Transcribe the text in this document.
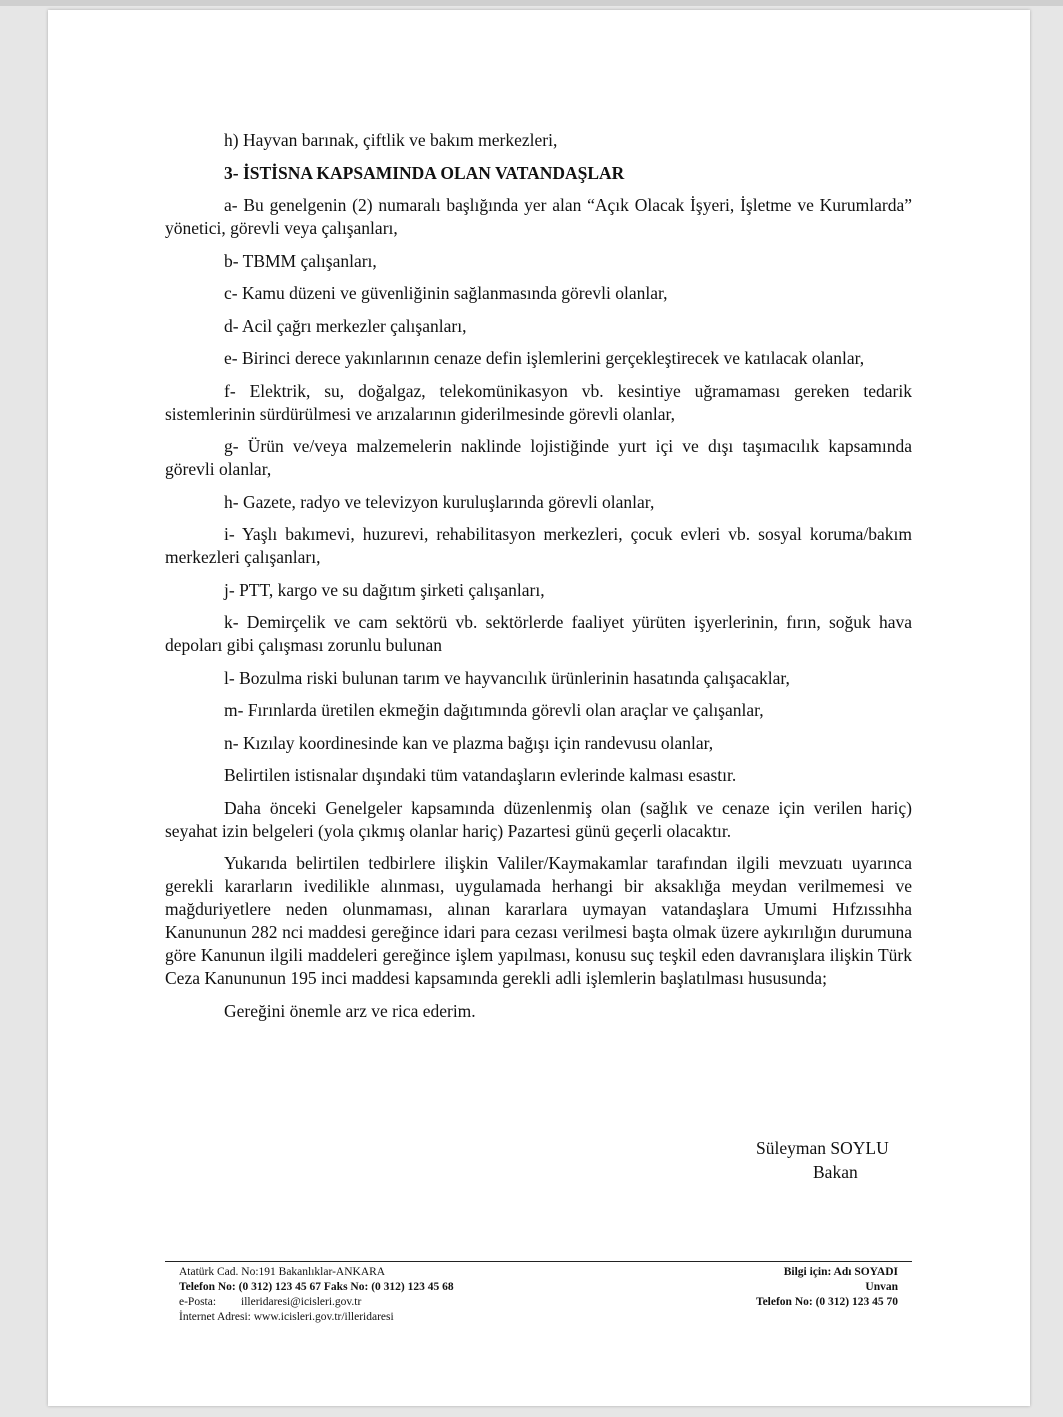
h) Hayvan barınak, çiftlik ve bakım merkezleri,

3- İSTİSNA KAPSAMINDA OLAN VATANDAŞLAR

a- Bu genelgenin (2) numaralı başlığında yer alan “Açık Olacak İşyeri, İşletme ve Kurumlarda” yönetici, görevli veya çalışanları,

b- TBMM çalışanları,

c- Kamu düzeni ve güvenliğinin sağlanmasında görevli olanlar,

d- Acil çağrı merkezler çalışanları,

e- Birinci derece yakınlarının cenaze defin işlemlerini gerçekleştirecek ve katılacak olanlar,

f- Elektrik, su, doğalgaz, telekomünikasyon vb. kesintiye uğramaması gereken tedarik sistemlerinin sürdürülmesi ve arızalarının giderilmesinde görevli olanlar,

g- Ürün ve/veya malzemelerin naklinde lojistiğinde yurt içi ve dışı taşımacılık kapsamında görevli olanlar,

h- Gazete, radyo ve televizyon kuruluşlarında görevli olanlar,

i- Yaşlı bakımevi, huzurevi, rehabilitasyon merkezleri, çocuk evleri vb. sosyal koruma/bakım merkezleri çalışanları,

j- PTT, kargo ve su dağıtım şirketi çalışanları,

k- Demirçelik ve cam sektörü vb. sektörlerde faaliyet yürüten işyerlerinin, fırın, soğuk hava depoları gibi çalışması zorunlu bulunan

l- Bozulma riski bulunan tarım ve hayvancılık ürünlerinin hasatında çalışacaklar,

m- Fırınlarda üretilen ekmeğin dağıtımında görevli olan araçlar ve çalışanlar,

n- Kızılay koordinesinde kan ve plazma bağışı için randevusu olanlar,

Belirtilen istisnalar dışındaki tüm vatandaşların evlerinde kalması esastır.

Daha önceki Genelgeler kapsamında düzenlenmiş olan (sağlık ve cenaze için verilen hariç) seyahat izin belgeleri (yola çıkmış olanlar hariç) Pazartesi günü geçerli olacaktır.

Yukarıda belirtilen tedbirlere ilişkin Valiler/Kaymakamlar tarafından ilgili mevzuatı uyarınca gerekli kararların ivedilikle alınması, uygulamada herhangi bir aksaklığa meydan verilmemesi ve mağduriyetlere neden olunmaması, alınan kararlara uymayan vatandaşlara Umumi Hıfzıssıhha Kanununun 282 nci maddesi gereğince idari para cezası verilmesi başta olmak üzere aykırılığın durumuna göre Kanunun ilgili maddeleri gereğince işlem yapılması, konusu suç teşkil eden davranışlara ilişkin Türk Ceza Kanununun 195 inci maddesi kapsamında gerekli adli işlemlerin başlatılması hususunda;

Gereğini önemle arz ve rica ederim.

Süleyman SOYLU
Bakan
Atatürk Cad. No:191 Bakanlıklar-ANKARA
Telefon No: (0 312) 123 45 67 Faks No: (0 312) 123 45 68
e-Posta: illeridaresi@icisleri.gov.tr
İnternet Adresi: www.icisleri.gov.tr/illeridaresi
Bilgi için: Adı SOYADI
Unvan
Telefon No: (0 312) 123 45 70
